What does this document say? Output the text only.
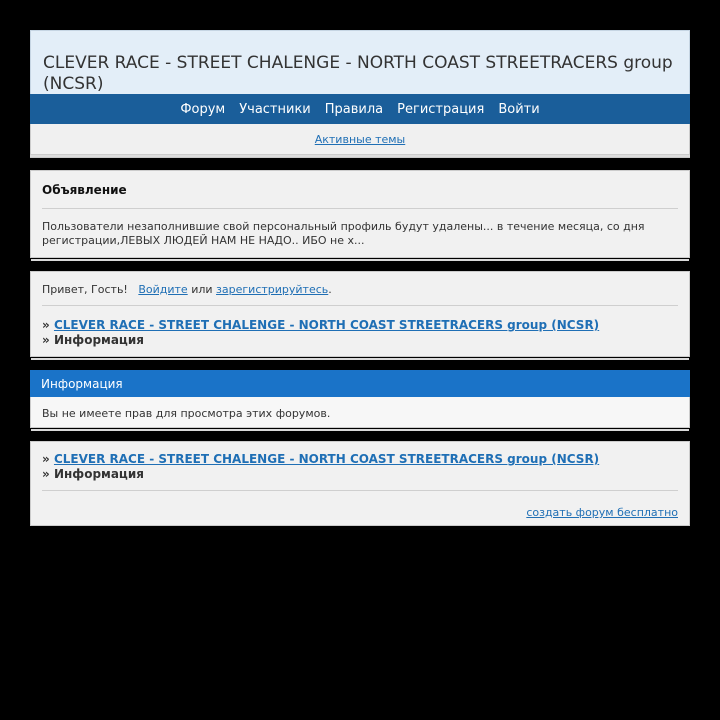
CLEVER RACE - STREET CHALENGE - NORTH COAST STREETRACERS group (NCSR)
Форум Участники Правила Регистрация Войти
Активные темы
Объявление
Пользователи незаполнившие свой персональный профиль будут удалены... в течение месяца, со дня регистрации,ЛЕВЫХ ЛЮДЕЙ НАМ НЕ НАДО.. ИБО не х...
Привет, Гость! Войдите или зарегистрируйтесь.
» CLEVER RACE - STREET CHALENGE - NORTH COAST STREETRACERS group (NCSR)
» Информация
Информация
Вы не имеете прав для просмотра этих форумов.
» CLEVER RACE - STREET CHALENGE - NORTH COAST STREETRACERS group (NCSR)
» Информация
создать форум бесплатно
